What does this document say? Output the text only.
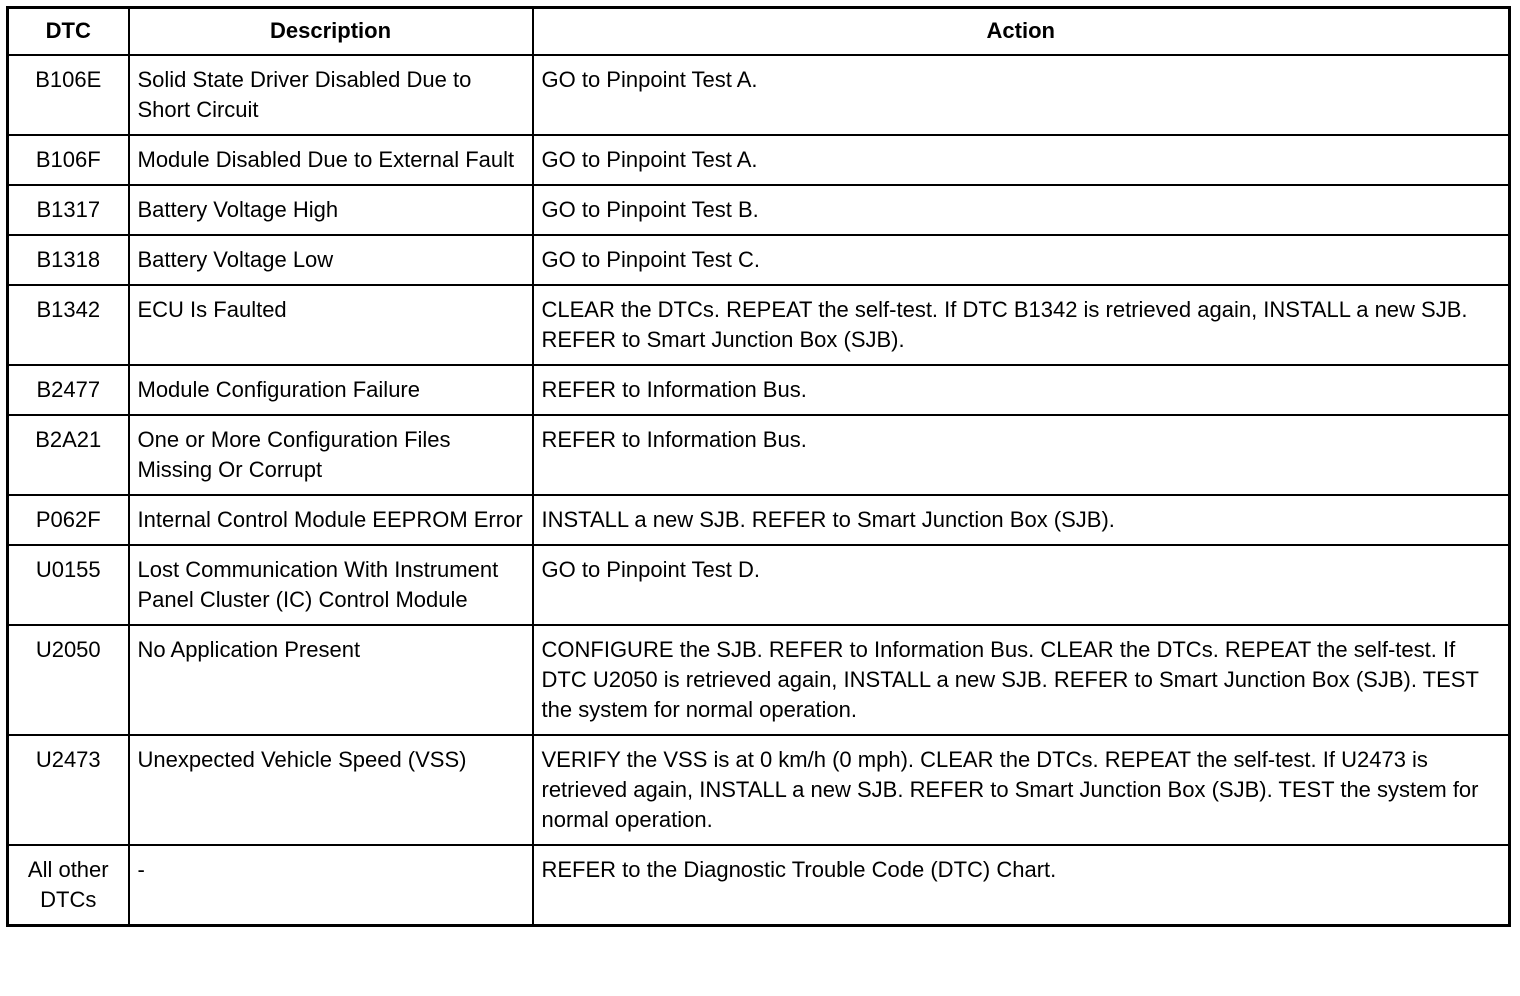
DTC	Description	Action
B106E	Solid State Driver Disabled Due to Short Circuit	GO to Pinpoint Test A.
B106F	Module Disabled Due to External Fault	GO to Pinpoint Test A.
B1317	Battery Voltage High	GO to Pinpoint Test B.
B1318	Battery Voltage Low	GO to Pinpoint Test C.
B1342	ECU Is Faulted	CLEAR the DTCs. REPEAT the self-test. If DTC B1342 is retrieved again, INSTALL a new SJB. REFER to Smart Junction Box (SJB).
B2477	Module Configuration Failure	REFER to Information Bus.
B2A21	One or More Configuration Files Missing Or Corrupt	REFER to Information Bus.
P062F	Internal Control Module EEPROM Error	INSTALL a new SJB. REFER to Smart Junction Box (SJB).
U0155	Lost Communication With Instrument Panel Cluster (IC) Control Module	GO to Pinpoint Test D.
U2050	No Application Present	CONFIGURE the SJB. REFER to Information Bus. CLEAR the DTCs. REPEAT the self-test. If DTC U2050 is retrieved again, INSTALL a new SJB. REFER to Smart Junction Box (SJB). TEST the system for normal operation.
U2473	Unexpected Vehicle Speed (VSS)	VERIFY the VSS is at 0 km/h (0 mph). CLEAR the DTCs. REPEAT the self-test. If U2473 is retrieved again, INSTALL a new SJB. REFER to Smart Junction Box (SJB). TEST the system for normal operation.
All other DTCs	-	REFER to the Diagnostic Trouble Code (DTC) Chart.
